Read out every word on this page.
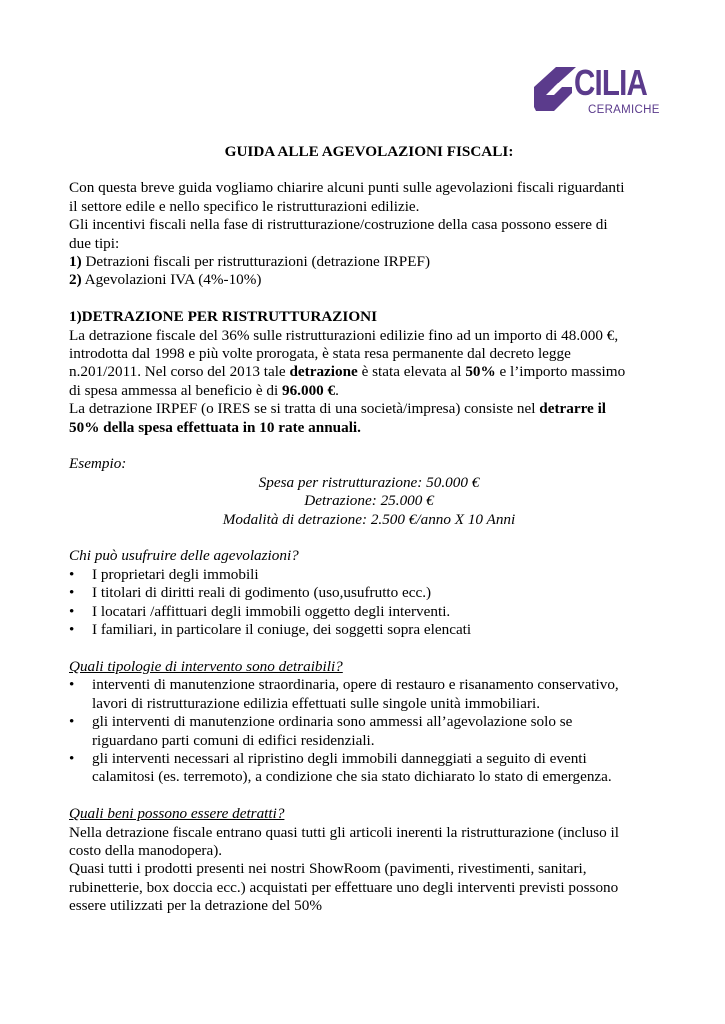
CILIA
CERAMICHE

GUIDA ALLE AGEVOLAZIONI FISCALI:

Con questa breve guida vogliamo chiarire alcuni punti sulle agevolazioni fiscali riguardanti

il settore edile e nello specifico le ristrutturazioni edilizie.

Gli incentivi fiscali nella fase di ristrutturazione/costruzione della casa possono essere di

due tipi:

1) Detrazioni fiscali per ristrutturazioni (detrazione IRPEF)

2) Agevolazioni IVA (4%-10%)

1)DETRAZIONE PER RISTRUTTURAZIONI

La detrazione fiscale del 36% sulle ristrutturazioni edilizie fino ad un importo di 48.000 €,

introdotta dal 1998 e più volte prorogata, è stata resa permanente dal decreto legge

n.201/2011. Nel corso del 2013 tale detrazione è stata elevata al 50% e l’importo massimo

di spesa ammessa al beneficio è di 96.000 €.

La detrazione IRPEF (o IRES se si tratta di una società/impresa) consiste nel detrarre il

50% della spesa effettuata in 10 rate annuali.

Esempio:

Spesa per ristrutturazione: 50.000 €

Detrazione: 25.000 €

Modalità di detrazione: 2.500 €/anno X 10 Anni

Chi può usufruire delle agevolazioni?

• I proprietari degli immobili
• I titolari di diritti reali di godimento (uso,usufrutto ecc.)
• I locatari /affittuari degli immobili oggetto degli interventi.
• I familiari, in particolare il coniuge, dei soggetti sopra elencati

Quali tipologie di intervento sono detraibili?

• interventi di manutenzione straordinaria, opere di restauro e risanamento conservativo,
lavori di ristrutturazione edilizia effettuati sulle singole unità immobiliari.
• gli interventi di manutenzione ordinaria sono ammessi all’agevolazione solo se
riguardano parti comuni di edifici residenziali.
• gli interventi necessari al ripristino degli immobili danneggiati a seguito di eventi
calamitosi (es. terremoto), a condizione che sia stato dichiarato lo stato di emergenza.

Quali beni possono essere detratti?

Nella detrazione fiscale entrano quasi tutti gli articoli inerenti la ristrutturazione (incluso il

costo della manodopera).

Quasi tutti i prodotti presenti nei nostri ShowRoom (pavimenti, rivestimenti, sanitari,

rubinetterie, box doccia ecc.) acquistati per effettuare uno degli interventi previsti possono

essere utilizzati per la detrazione del 50%
